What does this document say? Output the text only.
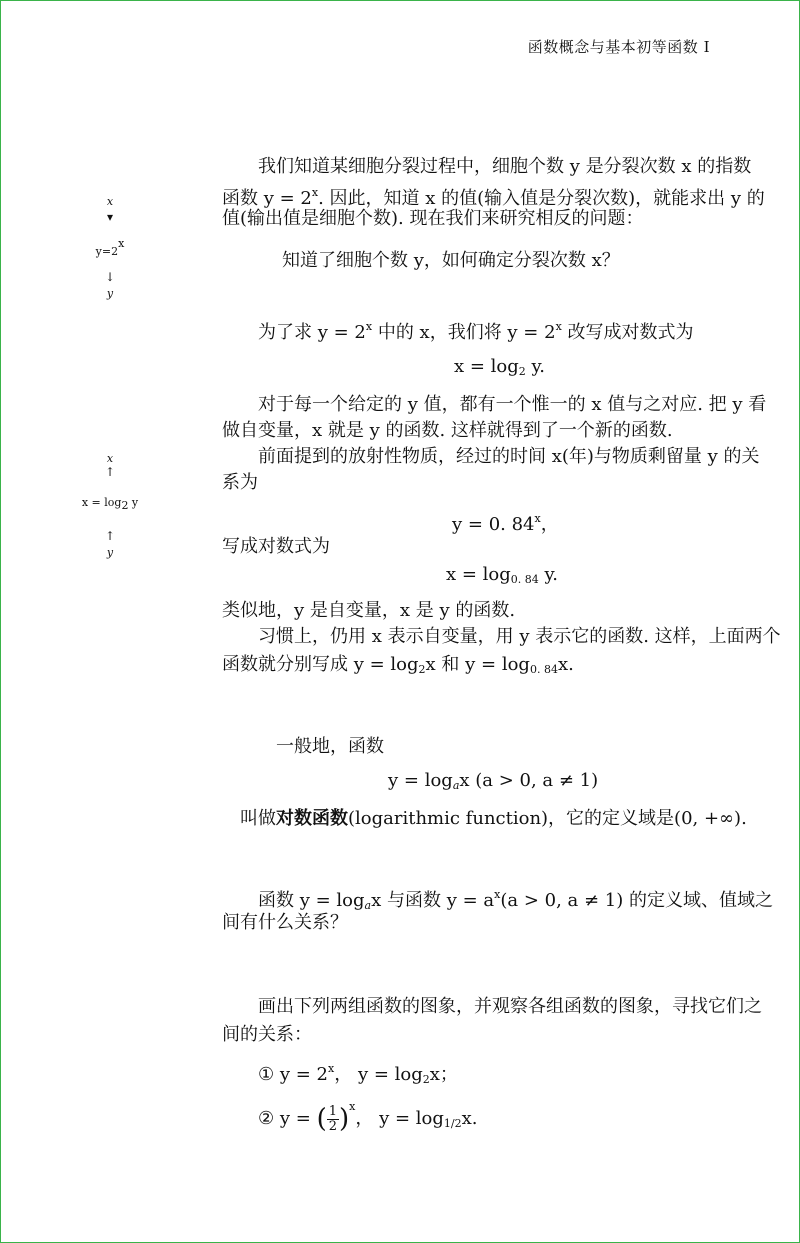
函数概念与基本初等函数 I
x
▾
y=2x
↓
y
x
↑
x = log2 y
↑
y
我们知道某细胞分裂过程中，细胞个数 y 是分裂次数 x 的指数
函数 $y = 2^x$. 因此，知道 x 的值(输入值是分裂次数)，就能求出 y 的
值(输出值是细胞个数). 现在我们来研究相反的问题：
知道了细胞个数 y，如何确定分裂次数 x？
为了求 $y = 2^x$ 中的 x，我们将 $y = 2^x$ 改写成对数式为
$x = \log_2 y$.
对于每一个给定的 y 值，都有一个惟一的 x 值与之对应. 把 y 看
做自变量，x 就是 y 的函数. 这样就得到了一个新的函数.
前面提到的放射性物质，经过的时间 x(年)与物质剩留量 y 的关
系为
y = 0. 84$^x$，
写成对数式为
$x = \log_{0. 84} y$.
类似地，y 是自变量，x 是 y 的函数.
习惯上，仍用 x 表示自变量，用 y 表示它的函数. 这样，上面两个
函数就分别写成 $y = \log_2x$ 和 $y = \log_{0. 84}x$.
一般地，函数
$y = \log_ax$ (a > 0, a ≠ 1)
叫做对数函数(logarithmic function)，它的定义域是(0, +∞).
函数 $y = \log_ax$ 与函数 $y = a^x(a > 0$, a ≠ 1) 的定义域、值域之
间有什么关系？
画出下列两组函数的图象，并观察各组函数的图象，寻找它们之
间的关系：
① $y = 2^x$， $y = \log_2x$；
② y = ( $\frac{1}{2} )^x$， $y = \log_{1/2}x$.
